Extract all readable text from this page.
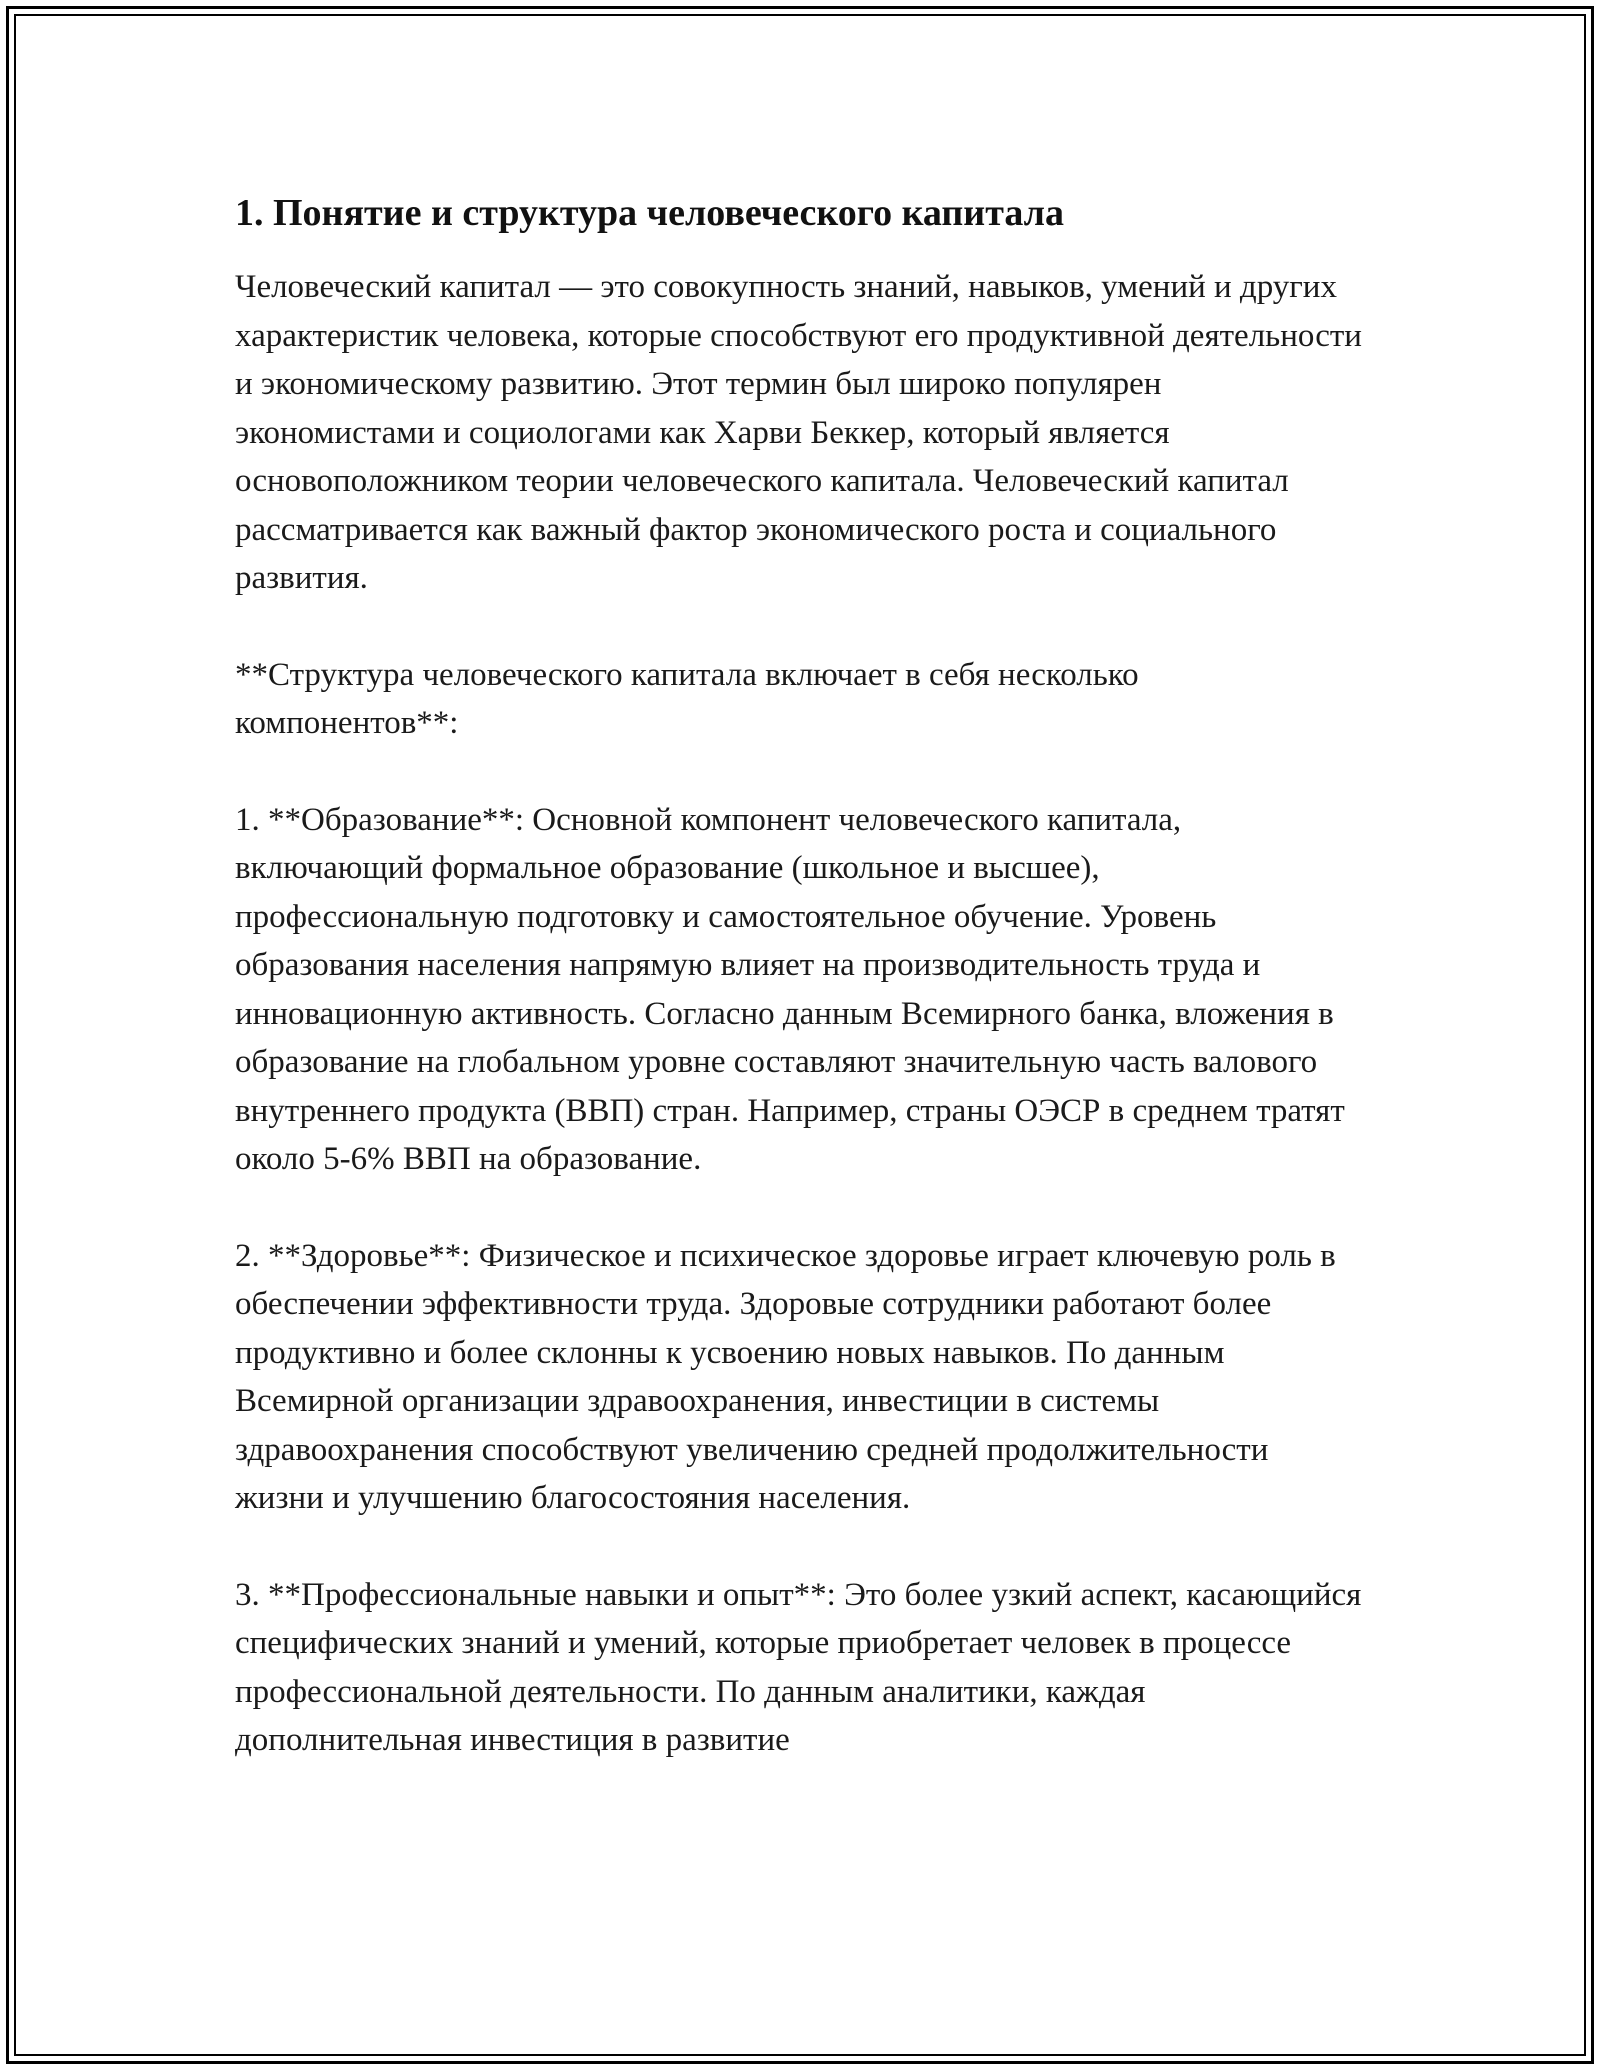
1. Понятие и структура человеческого капитала

Человеческий капитал — это совокупность знаний, навыков, умений и других характеристик человека, которые способствуют его продуктивной деятельности и экономическому развитию. Этот термин был широко популярен экономистами и социологами как Харви Беккер, который является основоположником теории человеческого капитала. Человеческий капитал рассматривается как важный фактор экономического роста и социального развития.

**Структура человеческого капитала включает в себя несколько компонентов**:

1. **Образование**: Основной компонент человеческого капитала, включающий формальное образование (школьное и высшее), профессиональную подготовку и самостоятельное обучение. Уровень образования населения напрямую влияет на производительность труда и инновационную активность. Согласно данным Всемирного банка, вложения в образование на глобальном уровне составляют значительную часть валового внутреннего продукта (ВВП) стран. Например, страны ОЭСР в среднем тратят около 5-6% ВВП на образование.

2. **Здоровье**: Физическое и психическое здоровье играет ключевую роль в обеспечении эффективности труда. Здоровые сотрудники работают более продуктивно и более склонны к усвоению новых навыков. По данным Всемирной организации здравоохранения, инвестиции в системы здравоохранения способствуют увеличению средней продолжительности жизни и улучшению благосостояния населения.

3. **Профессиональные навыки и опыт**: Это более узкий аспект, касающийся специфических знаний и умений, которые приобретает человек в процессе профессиональной деятельности. По данным аналитики, каждая дополнительная инвестиция в развитие
